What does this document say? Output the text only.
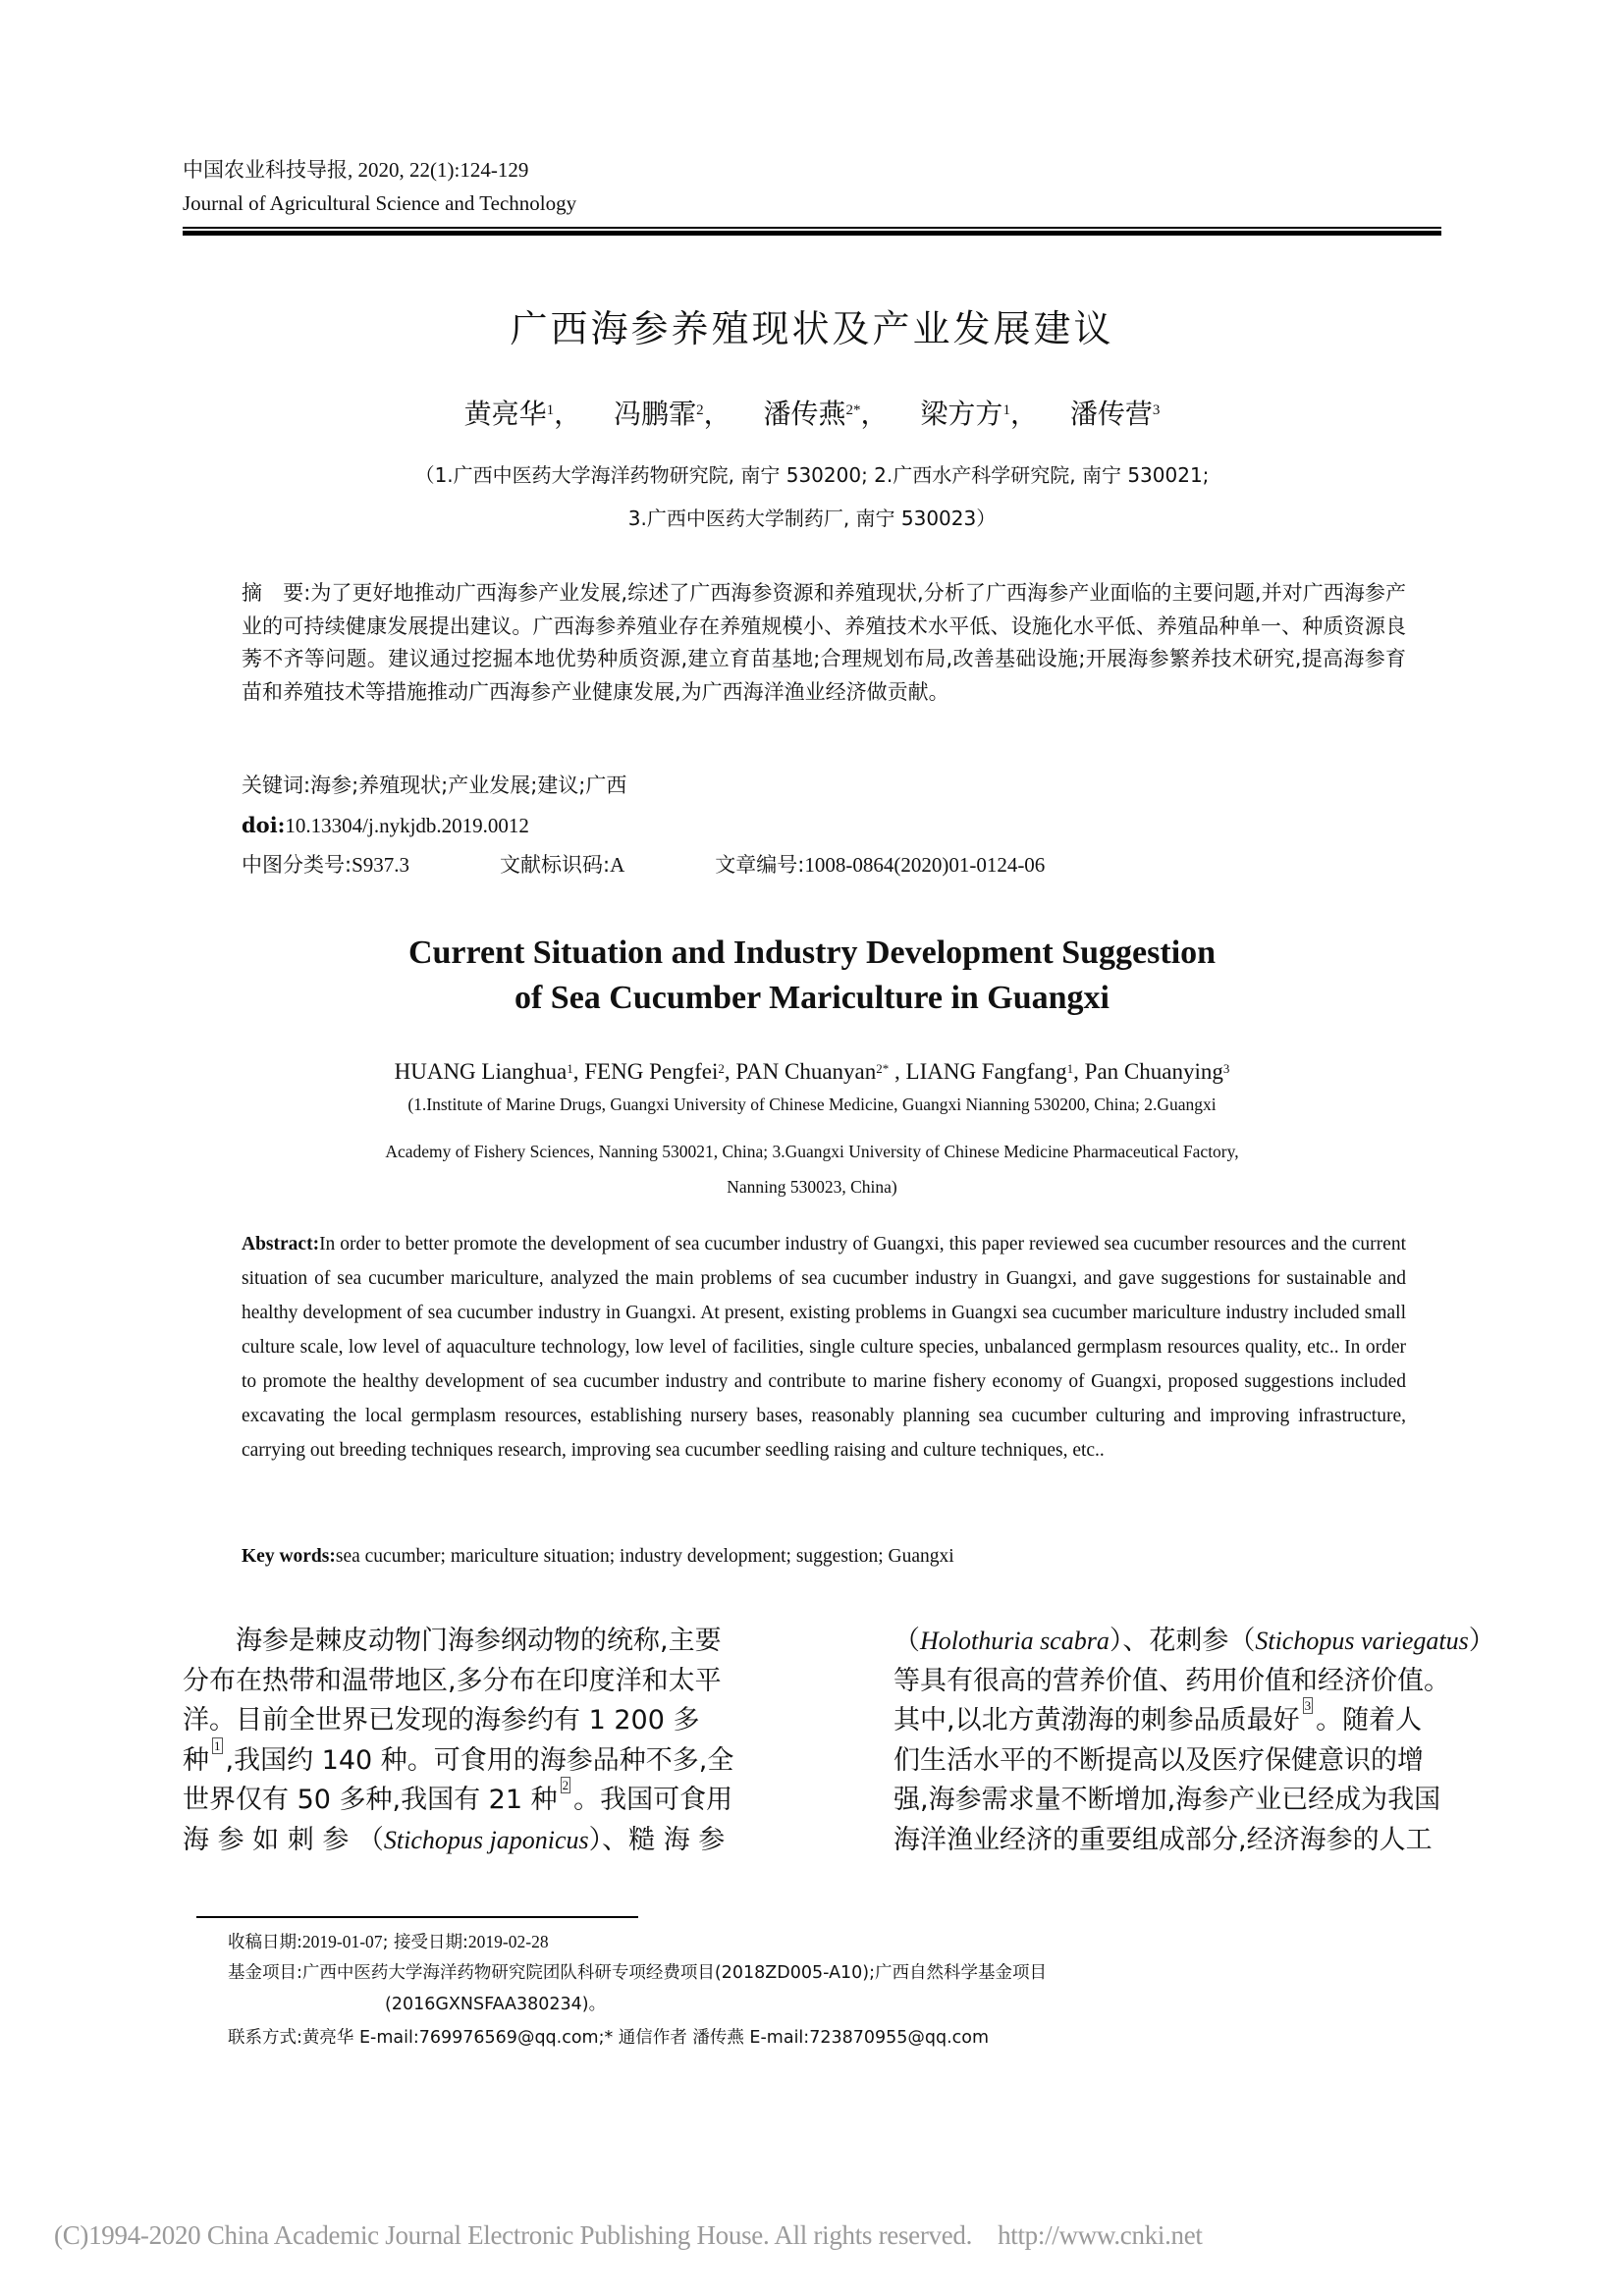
中国农业科技导报, 2020, 22(1):124-129
Journal of Agricultural Science and Technology
广西海参养殖现状及产业发展建议
黄亮华$^1$， 冯鹏霏$^2$， 潘传燕$^{2*}$， 梁方方$^1$， 潘传营$^3$
（1.广西中医药大学海洋药物研究院, 南宁 530200; 2.广西水产科学研究院, 南宁 530021;
3.广西中医药大学制药厂, 南宁 530023）
摘　要:为了更好地推动广西海参产业发展,综述了广西海参资源和养殖现状,分析了广西海参产业面临的主要问题,并对广西海参产业的可持续健康发展提出建议。广西海参养殖业存在养殖规模小、养殖技术水平低、设施化水平低、养殖品种单一、种质资源良莠不齐等问题。建议通过挖掘本地优势种质资源,建立育苗基地;合理规划布局,改善基础设施;开展海参繁养技术研究,提高海参育苗和养殖技术等措施推动广西海参产业健康发展,为广西海洋渔业经济做贡献。
关键词:海参;养殖现状;产业发展;建议;广西
doi:10.13304/j.nykjdb.2019.0012
中图分类号:S937.3	文献标识码:A	文章编号:1008-0864(2020)01-0124-06
Current Situation and Industry Development Suggestion
of Sea Cucumber Mariculture in Guangxi
HUANG Lianghua$^1$, FENG Pengfei$^2$, PAN Chuanyan$^{2*}$ , LIANG Fangfang$^1$, Pan Chuanying$^3$
(1.Institute of Marine Drugs, Guangxi University of Chinese Medicine, Guangxi Nianning 530200, China; 2.Guangxi
Academy of Fishery Sciences, Nanning 530021, China; 3.Guangxi University of Chinese Medicine Pharmaceutical Factory,
Nanning 530023, China)
Abstract:In order to better promote the development of sea cucumber industry of Guangxi, this paper reviewed sea cucumber resources and the current situation of sea cucumber mariculture, analyzed the main problems of sea cucumber industry in Guangxi, and gave suggestions for sustainable and healthy development of sea cucumber industry in Guangxi. At present, existing problems in Guangxi sea cucumber mariculture industry included small culture scale, low level of aquaculture technology, low level of facilities, single culture species, unbalanced germplasm resources quality, etc.. In order to promote the healthy development of sea cucumber industry and contribute to marine fishery economy of Guangxi, proposed suggestions included excavating the local germplasm resources, establishing nursery bases, reasonably planning sea cucumber culturing and improving infrastructure, carrying out breeding techniques research, improving sea cucumber seedling raising and culture techniques, etc..
Key words:sea cucumber; mariculture situation; industry development; suggestion; Guangxi
海参是棘皮动物门海参纲动物的统称,主要
分布在热带和温带地区,多分布在印度洋和太平
洋。目前全世界已发现的海参约有 1 200 多
种 $^1$ ,我国约 140 种。可食用的海参品种不多,全
世界仅有 50 多种,我国有 21 种 $^2$ 。我国可食用
海 参 如 刺 参 （Stichopus japonicus）、糙 海 参
（Holothuria scabra）、花刺参（Stichopus variegatus）
等具有很高的营养价值、药用价值和经济价值。
其中,以北方黄渤海的刺参品质最好 $^3$ 。随着人
们生活水平的不断提高以及医疗保健意识的增
强,海参需求量不断增加,海参产业已经成为我国
海洋渔业经济的重要组成部分,经济海参的人工
收稿日期:2019-01-07; 接受日期:2019-02-28
基金项目:广西中医药大学海洋药物研究院团队科研专项经费项目(2018ZD005-A10);广西自然科学基金项目
(2016GXNSFAA380234)。
联系方式:黄亮华 E-mail:769976569@qq.com;* 通信作者 潘传燕 E-mail:723870955@qq.com
(C)1994-2020 China Academic Journal Electronic Publishing House. All rights reserved. http://www.cnki.net
